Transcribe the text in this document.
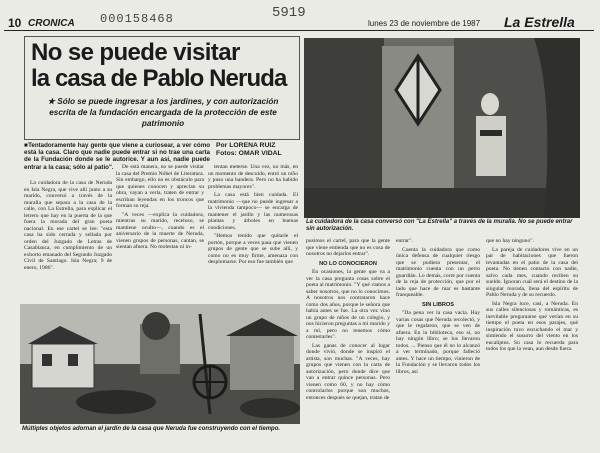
10 CRONICA	lunes 23 de noviembre de 1987 La Estrella
000158468	5919
No se puede visitar
la casa de Pablo Neruda
★ Sólo se puede ingresar a los jardines, y con autorización escrita de la fundación encargada de la protección de este patrimonio
La cuidadora de la casa conversó con "La Estrella" a través de la muralla. No se puede entrar sin autorización.
■Tentadoramente hay gente que viene a curiosear, a ver cómo está la casa. Claro que nadie puede entrar si no trae una carta de la Fundación donde se le autorice. Y aun así, nadie puede entrar a la casa; sólo al patio".
Por LORENA RUIZ
Fotos: OMAR VIDAL

La cuidadora de la casa de Neruda en Isla Negra, que vive allí junto a su marido, conversó a través de la muralla que separa a la casa de la calle, con La Estrella, para explicar el letrero que hay en la puerta de la que fuera la morada del gran poeta nacional. En ese cartel se lee: "esta casa ha sido cerrada y sellada por orden del Juzgado de Letras de Casablanca, en cumplimiento de un exhorto emanado del Segundo Juzgado Civil de Santiago. Isla Negra; 9 de enero, 1986".

De está manera, no se puede visitar la casa del Premio Nóbel de Literatura. Sin embargo, ello no es obstáculo para que quienes conocen y aprecian su obra, vayan a verla, traten de entrar y escriban leyendas en los troncos que forman su reja.

"A veces —explica la cuidadora, mientras su marido, receloso, se mantiene oculto—, cuando es el aniversario de la muerte de Neruda, vienen grupos de personas, cantan, se sientan afuera. No molestan ni in-

tentan meterse. Una vez, no más, en un momento de descuido, entró un niño y puso una bandera. Pero no ha habido problemas mayores".

La casa está bien cuidada. El matrimonio —que no puede ingresar a la vivienda tampoco— se encarga de mantener el jardín y las numerosas plantas y árboles en buenas condiciones.

"Hemos tenido que quitarle el portón, porque a veces pasa que vienen grupos de gente que se sube allí, y como no es muy firme, amenaza con desplomarse. Por eso fue también que

Múltiples objetos adornan el jardín de la casa que Neruda fue construyendo con el tiempo.

pusimos el cartel, para que la gente que viene entienda que no es cosa de nosotros no dejarlos entrar".

NO LO CONOCIERON

En ocasiones, la gente que va a ver la casa pregunta cosas sobre el poeta al matrimonio. "Y qué vamos a saber nosotros, que no lo conocimos. A nosotros nos contrataron hace como dos años, porque le señora que había antes se fue. La otra vez vino un grupo de niños de un colegio, y nos hicieron preguntas a mi marido y a mí, pero no tenemos cómo contestarles".

Las ganas de conocer al lugar donde vivió, donde se inspiró el artista, son muchas. "A veces, hay grupos que vienen con la carta de autorización, pero donde dice que van a entrar quince personas. Pero vienen como 60, y no hay cómo controlarlos porque son muchos, entonces después se quejan, tratan de

entrar".

Cuenta la cuidadora que como única defensa de cualquier riesgo que se pudiera presentar, el matrimonio cuenta con un perro guardián. Lo demás, corre por cuenta de la reja de protección, que por el lado que hace de mar es bastante franqueable.

SIN LIBROS

"Da pena ver la casa vacía. Hay varias cosas que Neruda recolectó, y que le regalaron, que se ven de afuera. En la biblioteca, eso sí, no hay ningún libro; se los llevaron todos. ... Pienso que él no lo alcanzó a ver terminado, porque falleció antes. Y hace un tiempo, vinieron de la Fundación y se llevaron todos los libros, así

que no hay ninguno".

La pareja de cuidadores vive en un par de habitaciones que fueron levantadas en el patio de la casa del poeta. No tienen contacto con nadie, salvo cada mes, cuando reciben su sueldo. Ignoran cuál será el destino de la singular morada, llena del espíritu de Pablo Neruda y de su recuerdo.

Isla Negra luce, casi, a Neruda. En sus calles silenciosas y románticas, es inevitable preguntarse qué verían en su tiempo el poeta en esos parajes, qué inspiración tuvo escuchando el mar y sintiendo el susurro del viento en los eucaliptus. Su casa lo recuerda para todos los que la vean, aun desde fuera.
